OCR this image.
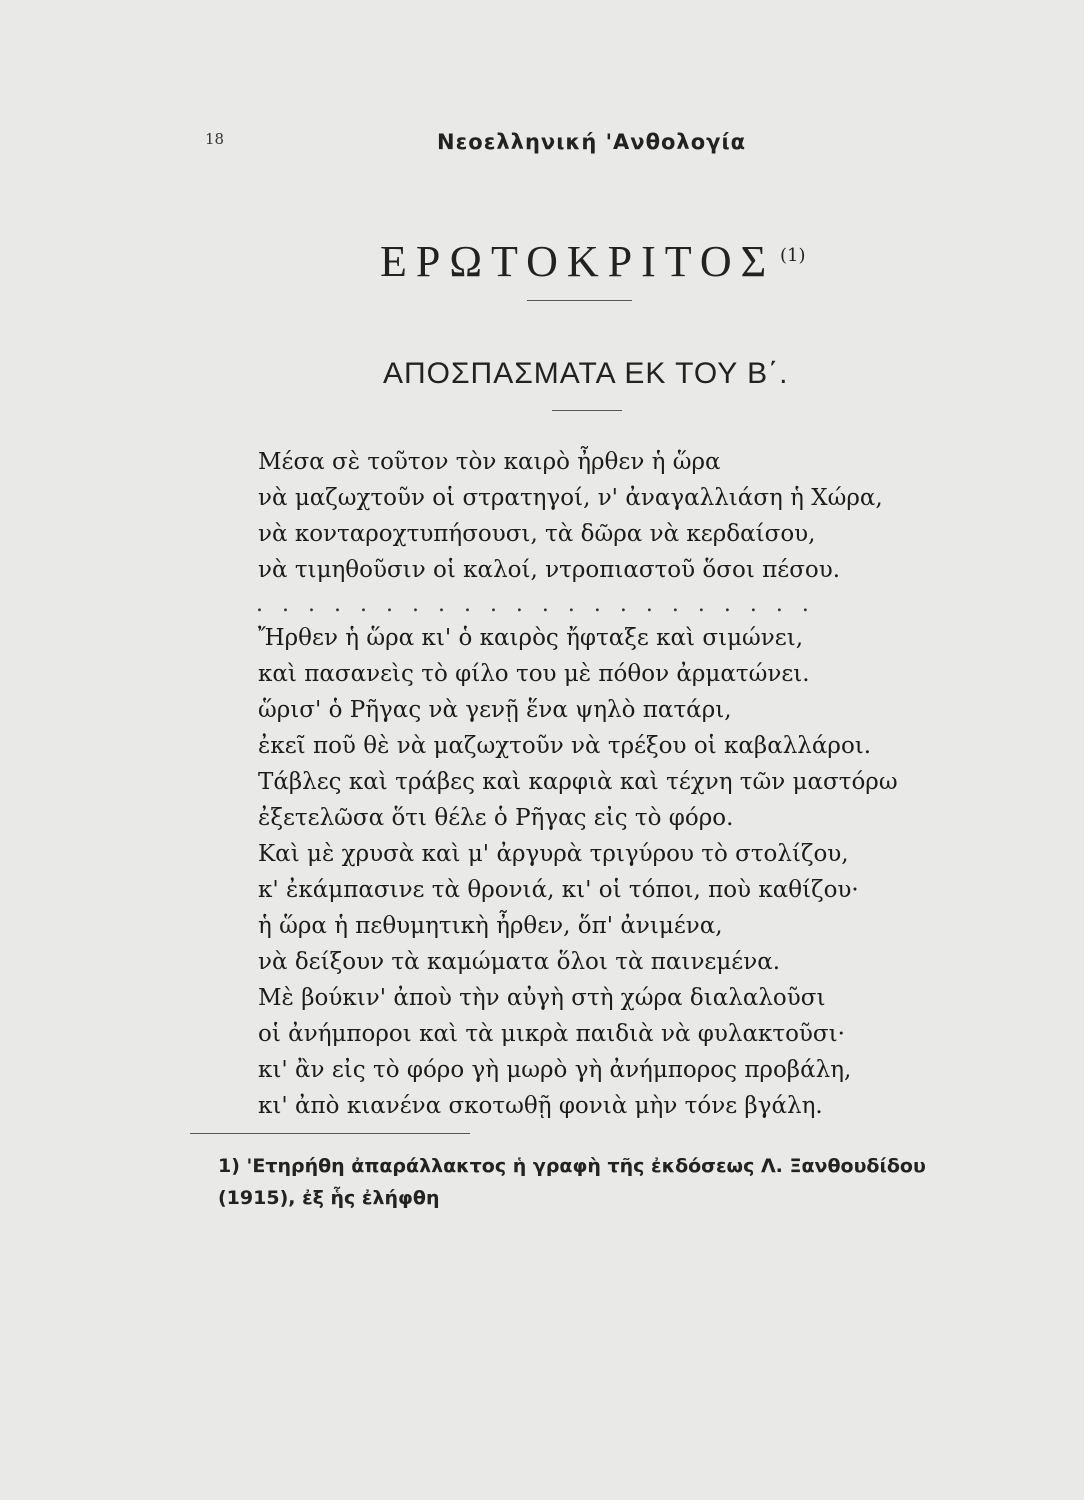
18	Νεοελληνική 'Ανθολογία
ΕΡΩΤΟΚΡΙΤΟΣ (1)
ΑΠΟΣΠΑΣΜΑΤΑ ΕΚ ΤΟΥ Β΄.
Μέσα σὲ τοῦτον τὸν καιρὸ ἦρθεν ἡ ὥρα
νὰ μαζωχτοῦν οἱ στρατηγοί, ν' ἀναγαλλιάση ἡ Χώρα,
νὰ κονταροχτυπήσουσι, τὰ δῶρα νὰ κερδαίσου,
νὰ τιμηθοῦσιν οἱ καλοί, ντροπιαστοῦ ὅσοι πέσου.
......................
Ἤρθεν ἡ ὥρα κι' ὁ καιρὸς ἤφταξε καὶ σιμώνει,
καὶ πασανεὶς τὸ φίλο του μὲ πόθον ἀρματώνει.
ὥρισ' ὁ Ρῆγας νὰ γενῇ ἕνα ψηλὸ πατάρι,
ἐκεῖ ποῦ θὲ νὰ μαζωχτοῦν νὰ τρέξου οἱ καβαλλάροι.
Τάβλες καὶ τράβες καὶ καρφιὰ καὶ τέχνη τῶν μαστόρω
ἐξετελῶσα ὅτι θέλε ὁ Ρῆγας εἰς τὸ φόρο.
Καὶ μὲ χρυσὰ καὶ μ' ἀργυρὰ τριγύρου τὸ στολίζου,
κ' ἐκάμπασινε τὰ θρονιά, κι' οἱ τόποι, ποὺ καθίζου·
ἡ ὥρα ἡ πεθυμητικὴ ἦρθεν, ὅπ' ἀνιμένα,
νὰ δείξουν τὰ καμώματα ὅλοι τὰ παινεμένα.
Μὲ βούκιν' ἀποὺ τὴν αὐγὴ στὴ χώρα διαλαλοῦσι
οἱ ἀνήμποροι καὶ τὰ μικρὰ παιδιὰ νὰ φυλακτοῦσι·
κι' ἂν εἰς τὸ φόρο γὴ μωρὸ γὴ ἀνήμπορος προβάλη,
κι' ἀπὸ κιανένα σκοτωθῇ φονιὰ μὴν τόνε βγάλη.
1) 'Ετηρήθη ἀπαράλλακτος ἡ γραφὴ τῆς ἐκδόσεως Λ. Ξανθουδίδου
(1915), ἐξ ἧς ἐλήφθη
